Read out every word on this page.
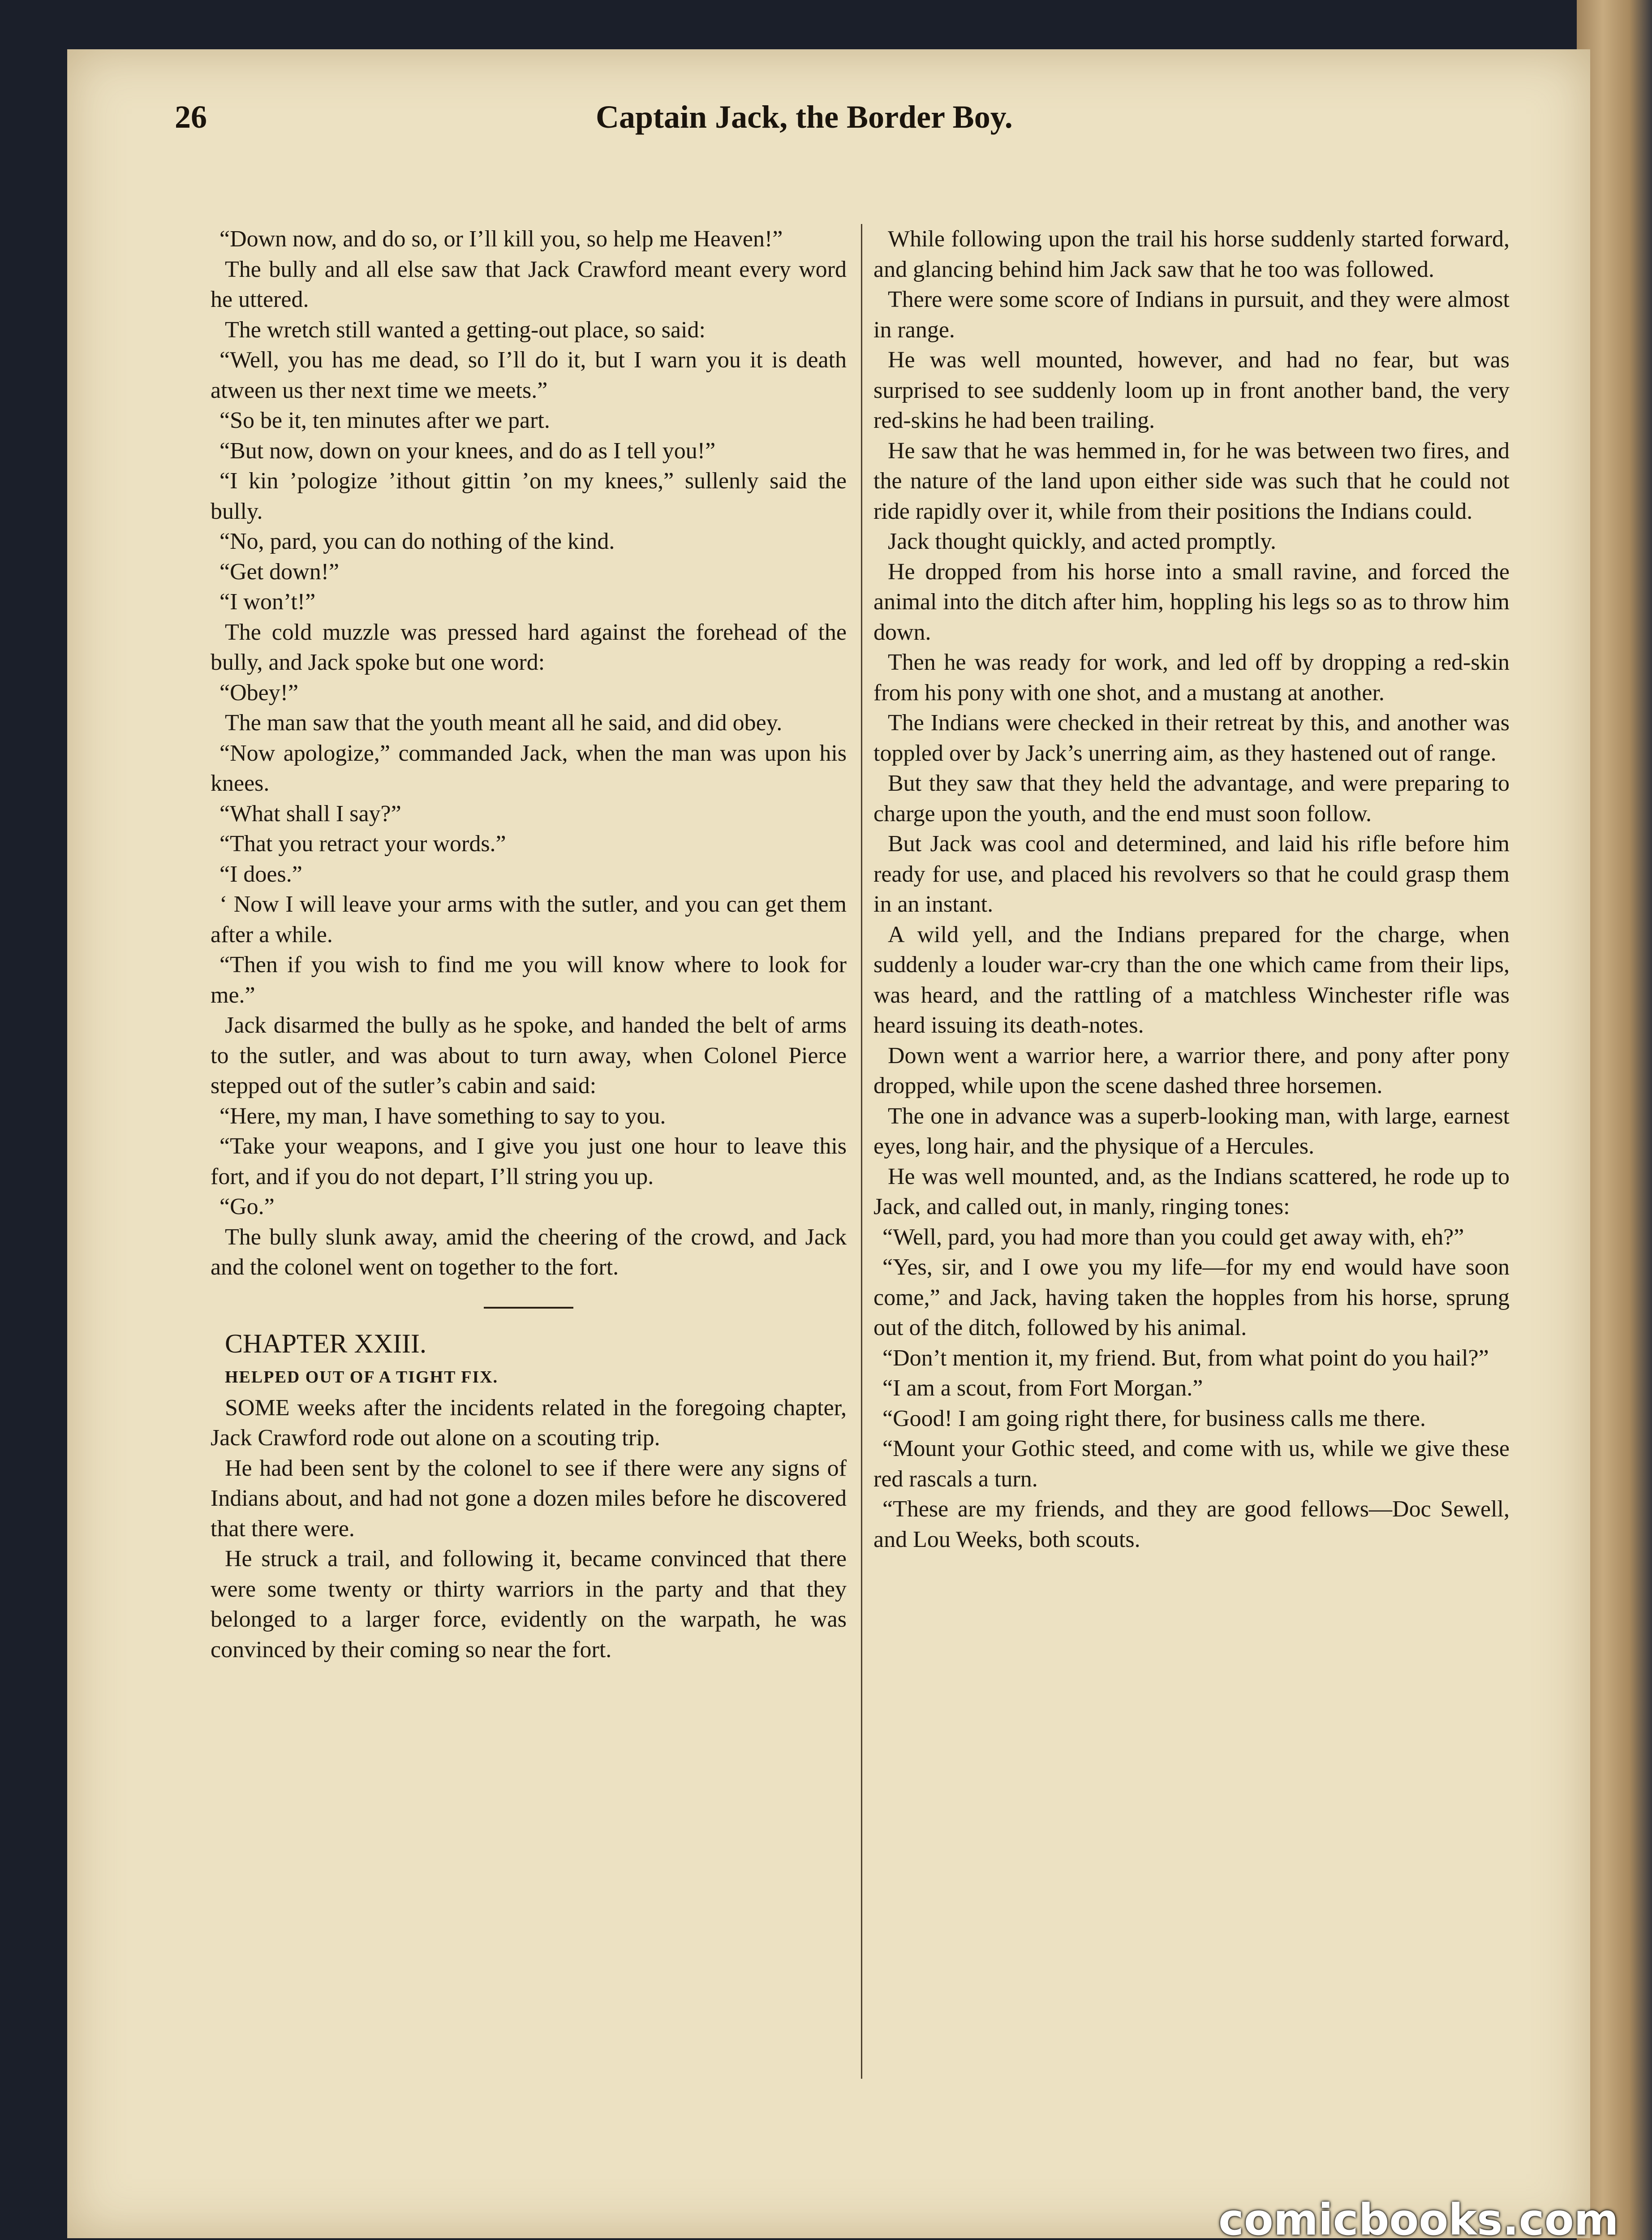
26	Captain Jack, the Border Boy.

“Down now, and do so, or I’ll kill you, so help me Heaven!”

The bully and all else saw that Jack Crawford meant every word he uttered.

The wretch still wanted a getting-out place, so said:

“Well, you has me dead, so I’ll do it, but I warn you it is death atween us ther next time we meets.”

“So be it, ten minutes after we part.

“But now, down on your knees, and do as I tell you!”

“I kin ’pologize ’ithout gittin ’on my knees,” sullenly said the bully.

“No, pard, you can do nothing of the kind.

“Get down!”

“I won’t!”

The cold muzzle was pressed hard against the forehead of the bully, and Jack spoke but one word:

“Obey!”

The man saw that the youth meant all he said, and did obey.

“Now apologize,” commanded Jack, when the man was upon his knees.

“What shall I say?”

“That you retract your words.”

“I does.”

‘ Now I will leave your arms with the sutler, and you can get them after a while.

“Then if you wish to find me you will know where to look for me.”

Jack disarmed the bully as he spoke, and handed the belt of arms to the sutler, and was about to turn away, when Colonel Pierce stepped out of the sutler’s cabin and said:

“Here, my man, I have something to say to you.

“Take your weapons, and I give you just one hour to leave this fort, and if you do not depart, I’ll string you up.

“Go.”

The bully slunk away, amid the cheering of the crowd, and Jack and the colonel went on together to the fort.

CHAPTER XXIII.

HELPED OUT OF A TIGHT FIX.

SOME weeks after the incidents related in the foregoing chapter, Jack Crawford rode out alone on a scouting trip.

He had been sent by the colonel to see if there were any signs of Indians about, and had not gone a dozen miles before he discovered that there were.

He struck a trail, and following it, became convinced that there were some twenty or thirty warriors in the party and that they belonged to a larger force, evidently on the warpath, he was convinced by their coming so near the fort.

While following upon the trail his horse suddenly started forward, and glancing behind him Jack saw that he too was followed.

There were some score of Indians in pursuit, and they were almost in range.

He was well mounted, however, and had no fear, but was surprised to see suddenly loom up in front another band, the very red-skins he had been trailing.

He saw that he was hemmed in, for he was between two fires, and the nature of the land upon either side was such that he could not ride rapidly over it, while from their positions the Indians could.

Jack thought quickly, and acted promptly.

He dropped from his horse into a small ravine, and forced the animal into the ditch after him, hoppling his legs so as to throw him down.

Then he was ready for work, and led off by dropping a red-skin from his pony with one shot, and a mustang at another.

The Indians were checked in their retreat by this, and another was toppled over by Jack’s unerring aim, as they hastened out of range.

But they saw that they held the advantage, and were preparing to charge upon the youth, and the end must soon follow.

But Jack was cool and determined, and laid his rifle before him ready for use, and placed his revolvers so that he could grasp them in an instant.

A wild yell, and the Indians prepared for the charge, when suddenly a louder war-cry than the one which came from their lips, was heard, and the rattling of a matchless Winchester rifle was heard issuing its death-notes.

Down went a warrior here, a warrior there, and pony after pony dropped, while upon the scene dashed three horsemen.

The one in advance was a superb-looking man, with large, earnest eyes, long hair, and the physique of a Hercules.

He was well mounted, and, as the Indians scattered, he rode up to Jack, and called out, in manly, ringing tones:

“Well, pard, you had more than you could get away with, eh?”

“Yes, sir, and I owe you my life—for my end would have soon come,” and Jack, having taken the hopples from his horse, sprung out of the ditch, followed by his animal.

“Don’t mention it, my friend. But, from what point do you hail?”

“I am a scout, from Fort Morgan.”

“Good! I am going right there, for business calls me there.

“Mount your Gothic steed, and come with us, while we give these red rascals a turn.

“These are my friends, and they are good fellows—Doc Sewell, and Lou Weeks, both scouts.

comicbooks.com
